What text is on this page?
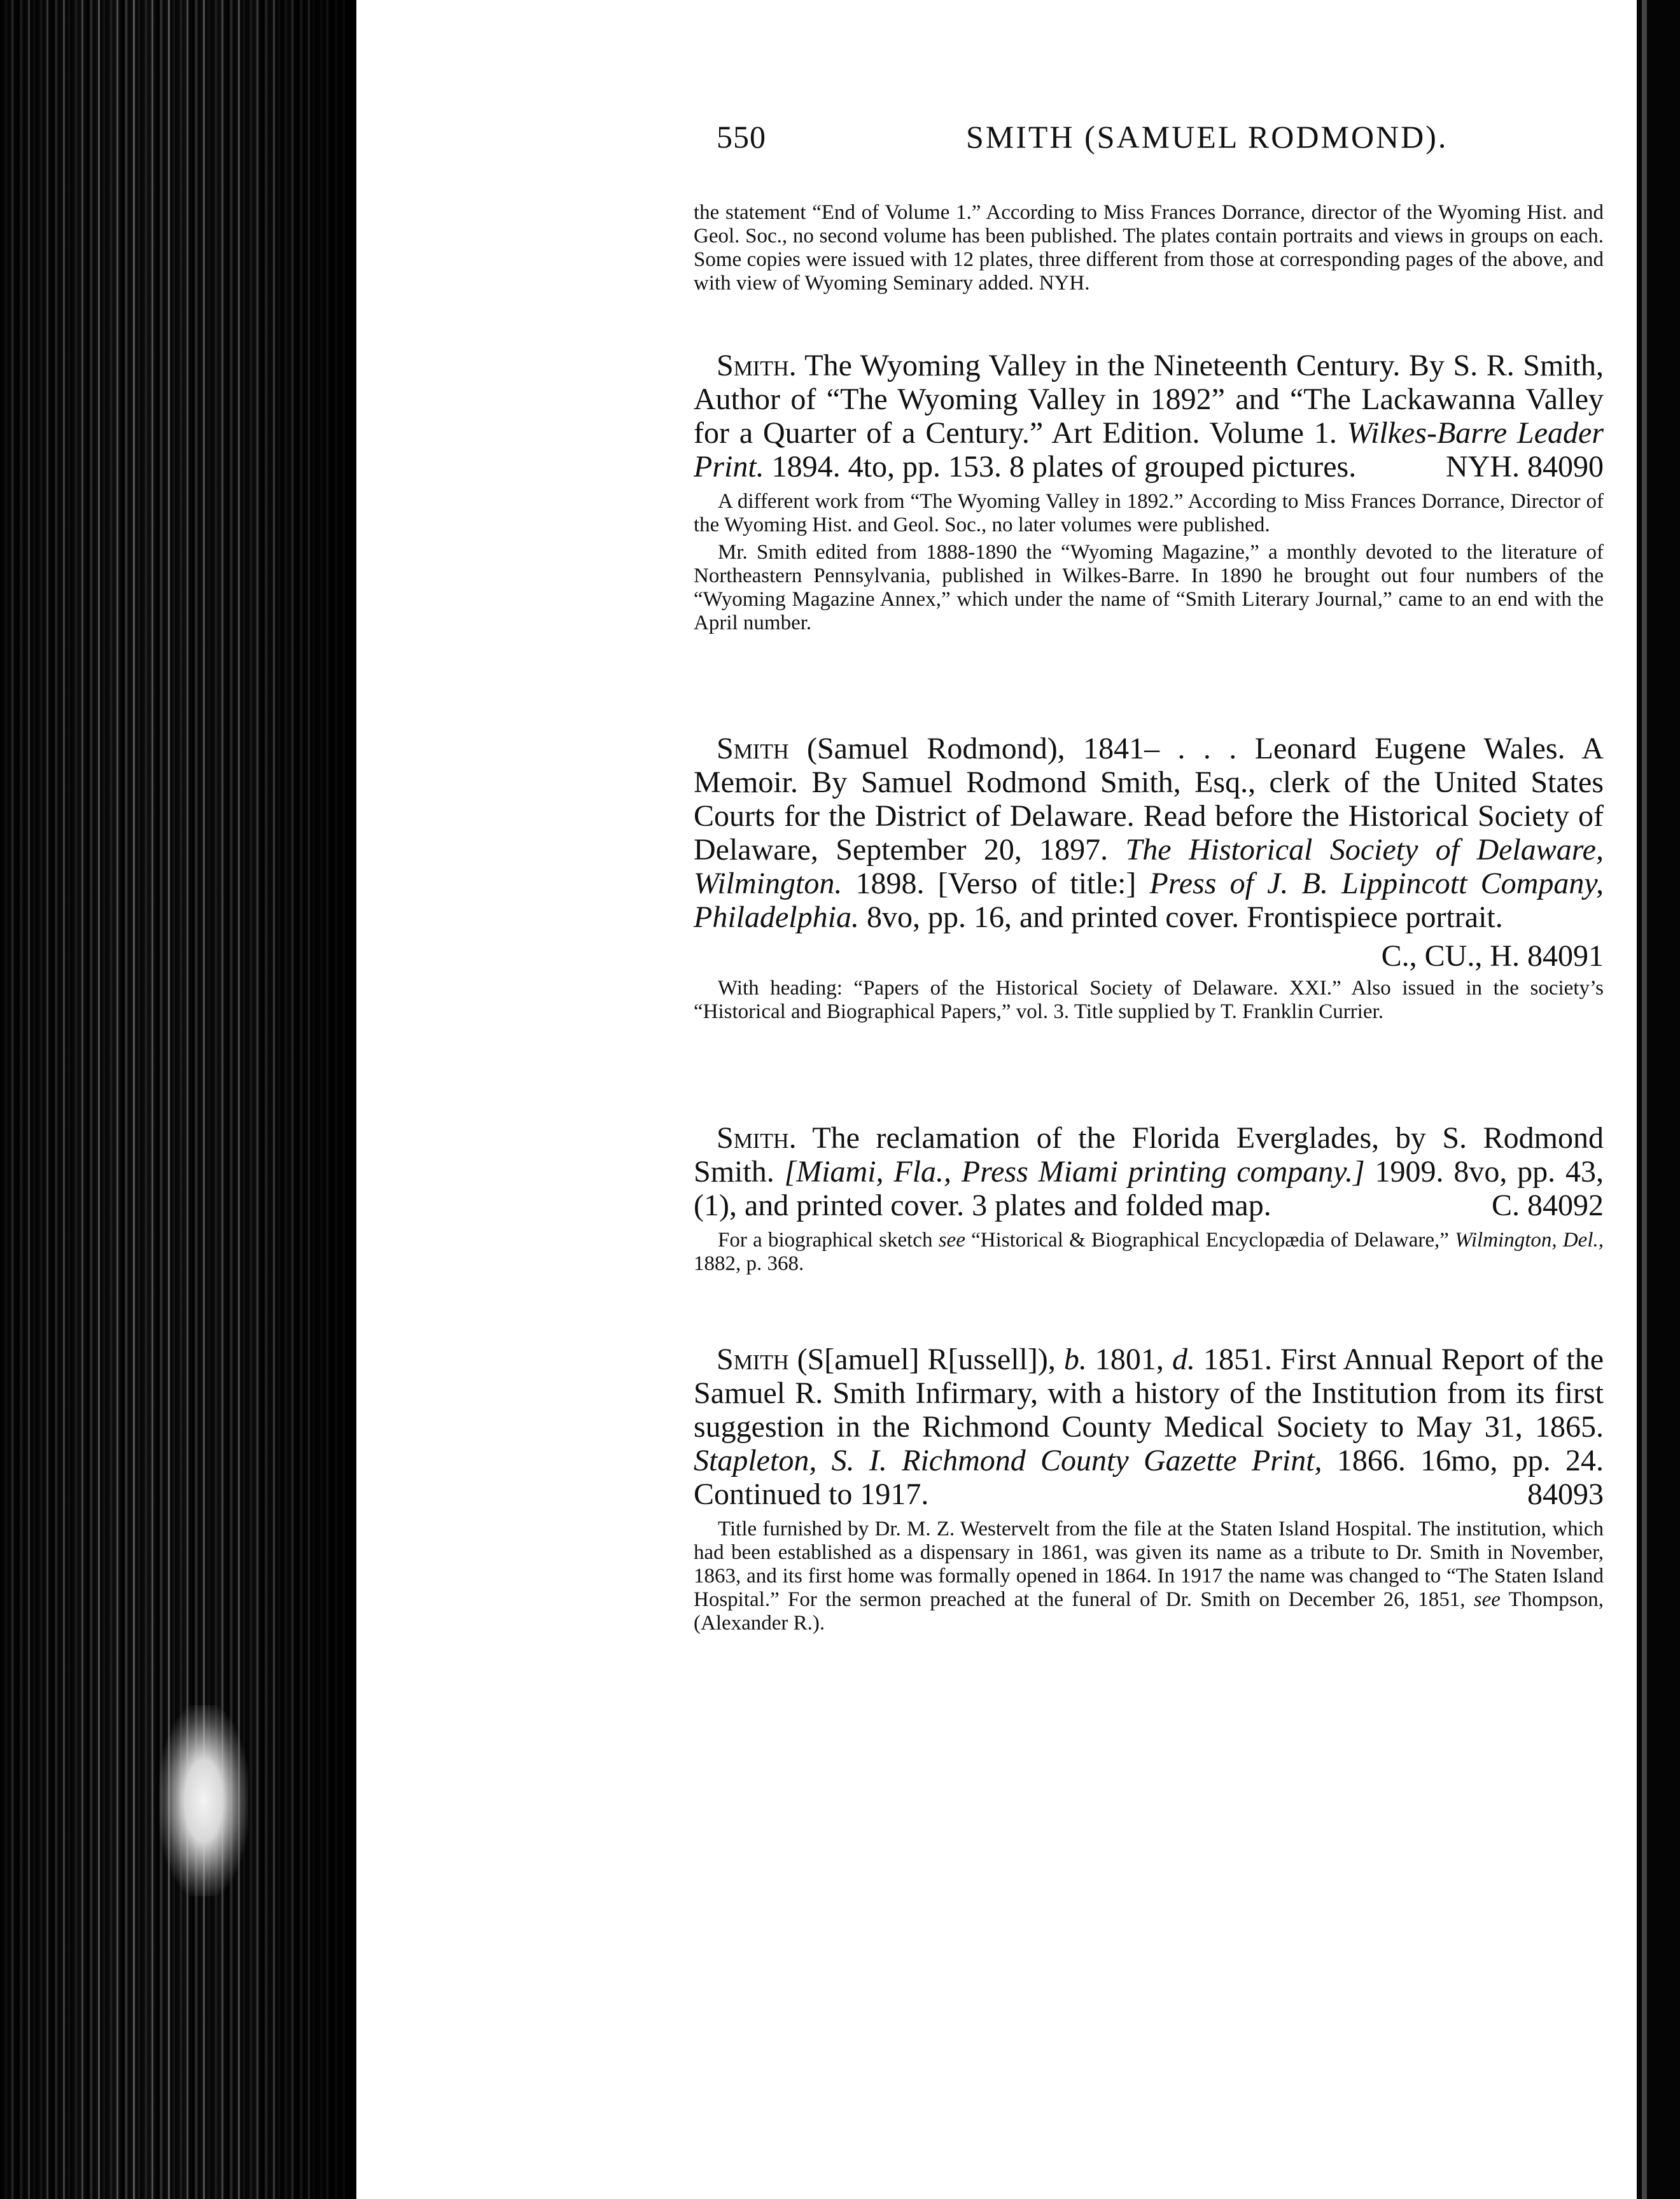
550	SMITH (SAMUEL RODMOND).
the statement “End of Volume 1.” According to Miss Frances Dorrance, director of the Wyoming Hist. and Geol. Soc., no second volume has been published. The plates contain portraits and views in groups on each. Some copies were issued with 12 plates, three different from those at corresponding pages of the above, and with view of Wyoming Seminary added. NYH.

Smith. The Wyoming Valley in the Nineteenth Century. By S. R. Smith, Author of “The Wyoming Valley in 1892” and “The Lackawanna Valley for a Quarter of a Century.” Art Edition. Volume 1. Wilkes-Barre Leader Print. 1894. 4to, pp. 153. 8 plates of grouped pictures.	NYH. 84090

A different work from “The Wyoming Valley in 1892.” According to Miss Frances Dorrance, Director of the Wyoming Hist. and Geol. Soc., no later volumes were published.

Mr. Smith edited from 1888-1890 the “Wyoming Magazine,” a monthly devoted to the literature of Northeastern Pennsylvania, published in Wilkes-Barre. In 1890 he brought out four numbers of the “Wyoming Magazine Annex,” which under the name of “Smith Literary Journal,” came to an end with the April number.

Smith (Samuel Rodmond), 1841– . . . Leonard Eugene Wales. A Memoir. By Samuel Rodmond Smith, Esq., clerk of the United States Courts for the District of Delaware. Read before the Historical Society of Delaware, September 20, 1897. The Historical Society of Delaware, Wilmington. 1898. [Verso of title:] Press of J. B. Lippincott Company, Philadelphia. 8vo, pp. 16, and printed cover. Frontispiece portrait.

C., CU., H. 84091

With heading: “Papers of the Historical Society of Delaware. XXI.” Also issued in the society’s “Historical and Biographical Papers,” vol. 3. Title supplied by T. Franklin Currier.

Smith. The reclamation of the Florida Everglades, by S. Rodmond Smith. [Miami, Fla., Press Miami printing company.] 1909. 8vo, pp. 43, (1), and printed cover. 3 plates and folded map.	C. 84092

For a biographical sketch see “Historical & Biographical Encyclopædia of Delaware,” Wilmington, Del., 1882, p. 368.

Smith (S[amuel] R[ussell]), b. 1801, d. 1851. First Annual Report of the Samuel R. Smith Infirmary, with a history of the Institution from its first suggestion in the Richmond County Medical Society to May 31, 1865. Stapleton, S. I. Richmond County Gazette Print, 1866. 16mo, pp. 24. Continued to 1917.	84093

Title furnished by Dr. M. Z. Westervelt from the file at the Staten Island Hospital. The institution, which had been established as a dispensary in 1861, was given its name as a tribute to Dr. Smith in November, 1863, and its first home was formally opened in 1864. In 1917 the name was changed to “The Staten Island Hospital.” For the sermon preached at the funeral of Dr. Smith on December 26, 1851, see Thompson, (Alexander R.).
